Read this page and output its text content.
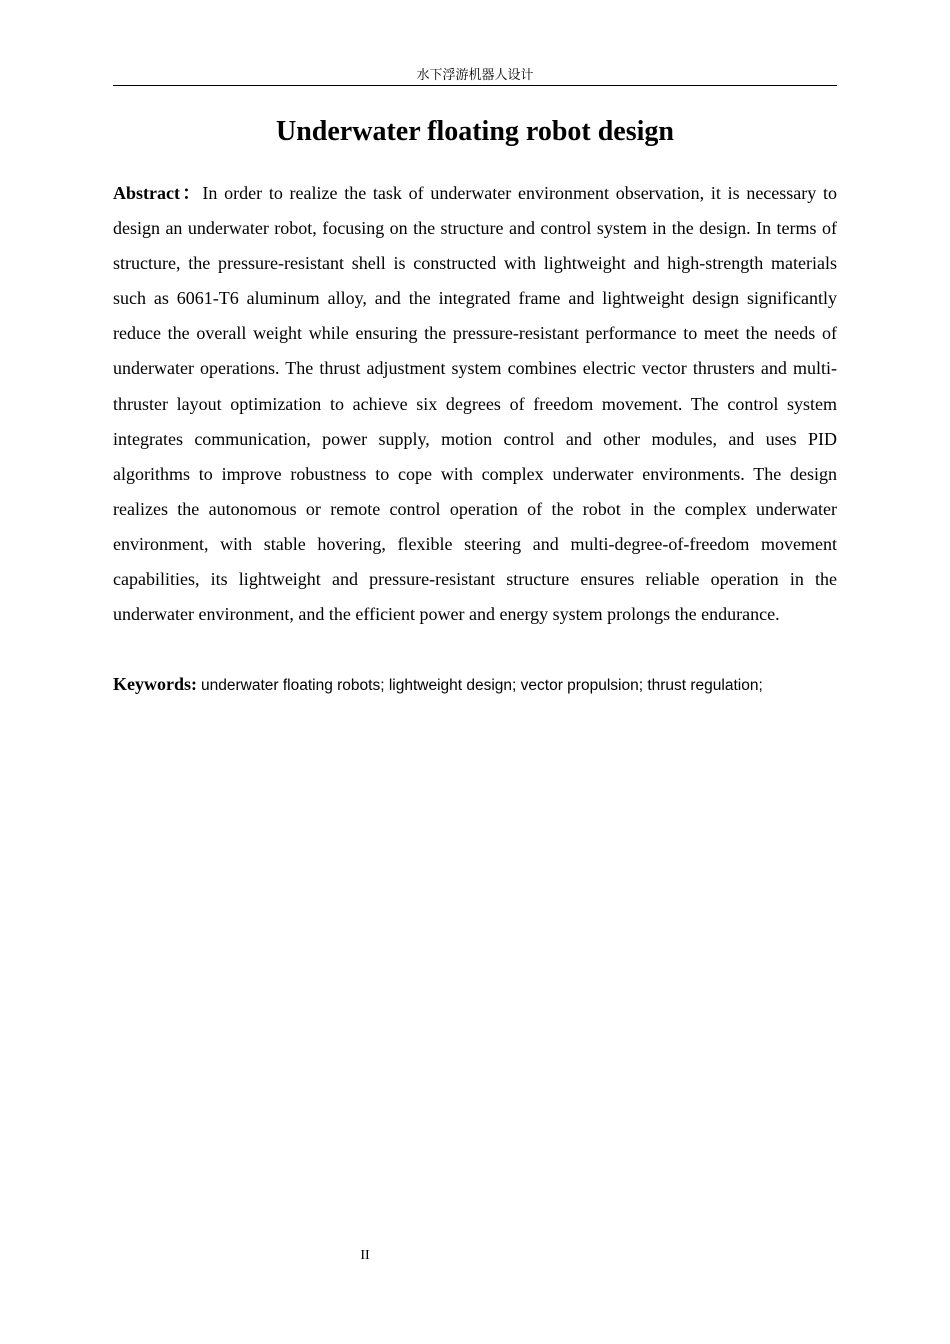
水下浮游机器人设计
Underwater floating robot design

Abstract：In order to realize the task of underwater environment observation, it is necessary to design an underwater robot, focusing on the structure and control system in the design. In terms of structure, the pressure-resistant shell is constructed with lightweight and high-strength materials such as 6061-T6 aluminum alloy, and the integrated frame and lightweight design significantly reduce the overall weight while ensuring the pressure-resistant performance to meet the needs of underwater operations. The thrust adjustment system combines electric vector thrusters and multi-thruster layout optimization to achieve six degrees of freedom movement. The control system integrates communication, power supply, motion control and other modules, and uses PID algorithms to improve robustness to cope with complex underwater environments. The design realizes the autonomous or remote control operation of the robot in the complex underwater environment, with stable hovering, flexible steering and multi-degree-of-freedom movement capabilities, its lightweight and pressure-resistant structure ensures reliable operation in the underwater environment, and the efficient power and energy system prolongs the endurance.

Keywords: underwater floating robots; lightweight design; vector propulsion; thrust regulation;

II
